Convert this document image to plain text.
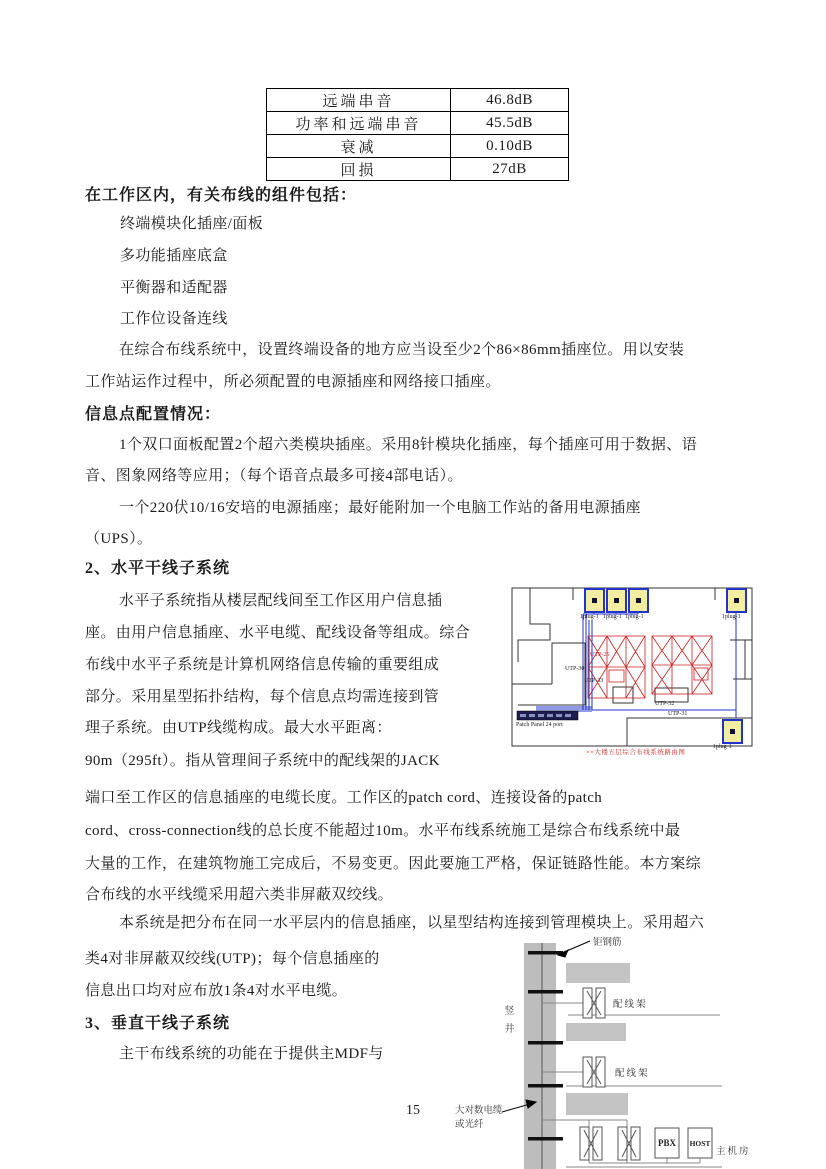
远端串音	46.8dB
功率和远端串音	45.5dB
衰减	0.10dB
回损	27dB
在工作区内，有关布线的组件包括：
终端模块化插座/面板
多功能插座底盒
平衡器和适配器
工作位设备连线
在综合布线系统中，设置终端设备的地方应当设至少2个86×86mm插座位。用以安装
工作站运作过程中，所必须配置的电源插座和网络接口插座。
信息点配置情况：
1个双口面板配置2个超六类模块插座。采用8针模块化插座，每个插座可用于数据、语
音、图象网络等应用；（每个语音点最多可接4部电话）。
一个220伏10/16安培的电源插座；最好能附加一个电脑工作站的备用电源插座
（UPS）。
2、水平干线子系统
水平子系统指从楼层配线间至工作区用户信息插
座。由用户信息插座、水平电缆、配线设备等组成。综合
布线中水平子系统是计算机网络信息传输的重要组成
部分。采用星型拓扑结构，每个信息点均需连接到管
理子系统。由UTP线缆构成。最大水平距离：
90m（295ft）。指从管理间子系统中的配线架的JACK
端口至工作区的信息插座的电缆长度。工作区的patch cord、连接设备的patch
cord、cross-connection线的总长度不能超过10m。水平布线系统施工是综合布线系统中最
大量的工作，在建筑物施工完成后，不易变更。因此要施工严格，保证链路性能。本方案综
合布线的水平线缆采用超六类非屏蔽双绞线。
本系统是把分布在同一水平层内的信息插座，以星型结构连接到管理模块上。采用超六
类4对非屏蔽双绞线(UTP)；每个信息插座的
信息出口均对应布放1条4对水平电缆。
3、垂直干线子系统
主干布线系统的功能在于提供主MDF与
15
1plug-1 1plug-1 1plug-1	1plug-1
1plug-1
UTP-25
UTP-30
UTP-33
UTP-32
UTP-31
Patch Panel 24 port
××大楼五层综合布线系统路由图
钜钢筋
配线架
配线架
竖井
大对数电缆
或光纤
PBX	HOST
主机房
